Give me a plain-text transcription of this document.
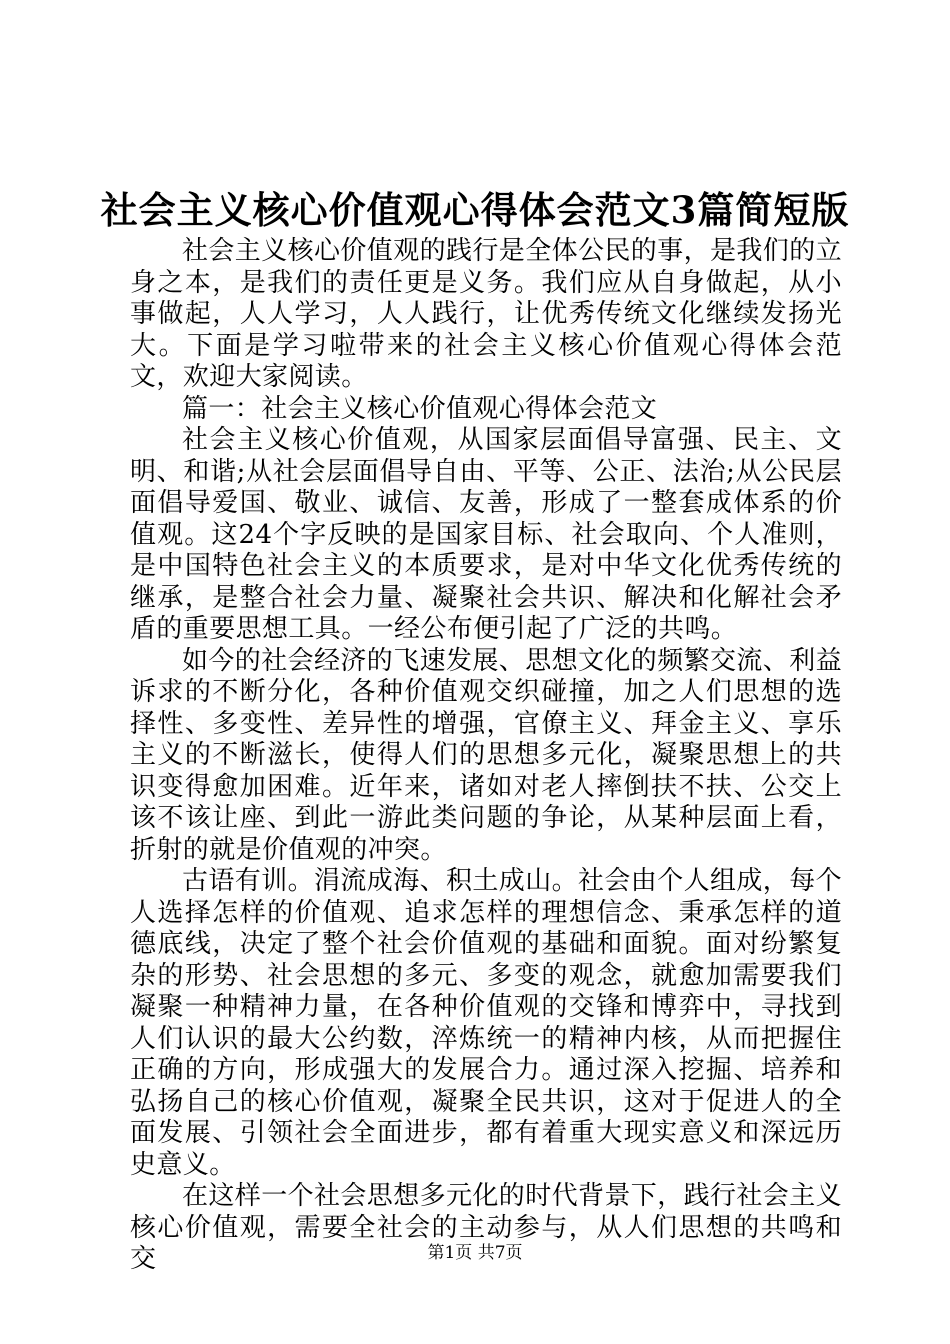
社会主义核心价值观心得体会范文3篇简短版

社会主义核心价值观的践行是全体公民的事，是我们的立身之本，是我们的责任更是义务。我们应从自身做起，从小事做起，人人学习，人人践行，让优秀传统文化继续发扬光大。下面是学习啦带来的社会主义核心价值观心得体会范文，欢迎大家阅读。

篇一：社会主义核心价值观心得体会范文

社会主义核心价值观，从国家层面倡导富强、民主、文明、和谐;从社会层面倡导自由、平等、公正、法治;从公民层面倡导爱国、敬业、诚信、友善，形成了一整套成体系的价值观。这24个字反映的是国家目标、社会取向、个人准则，是中国特色社会主义的本质要求，是对中华文化优秀传统的继承，是整合社会力量、凝聚社会共识、解决和化解社会矛盾的重要思想工具。一经公布便引起了广泛的共鸣。

如今的社会经济的飞速发展、思想文化的频繁交流、利益诉求的不断分化，各种价值观交织碰撞，加之人们思想的选择性、多变性、差异性的增强，官僚主义、拜金主义、享乐主义的不断滋长，使得人们的思想多元化，凝聚思想上的共识变得愈加困难。近年来，诸如对老人摔倒扶不扶、公交上该不该让座、到此一游此类问题的争论，从某种层面上看，折射的就是价值观的冲突。

古语有训。涓流成海、积土成山。社会由个人组成，每个人选择怎样的价值观、追求怎样的理想信念、秉承怎样的道德底线，决定了整个社会价值观的基础和面貌。面对纷繁复杂的形势、社会思想的多元、多变的观念，就愈加需要我们凝聚一种精神力量，在各种价值观的交锋和博弈中，寻找到人们认识的最大公约数，淬炼统一的精神内核，从而把握住正确的方向，形成强大的发展合力。通过深入挖掘、培养和弘扬自己的核心价值观，凝聚全民共识，这对于促进人的全面发展、引领社会全面进步，都有着重大现实意义和深远历史意义。

在这样一个社会思想多元化的时代背景下，践行社会主义核心价值观，需要全社会的主动参与，从人们思想的共鸣和交	第1页 共7页
